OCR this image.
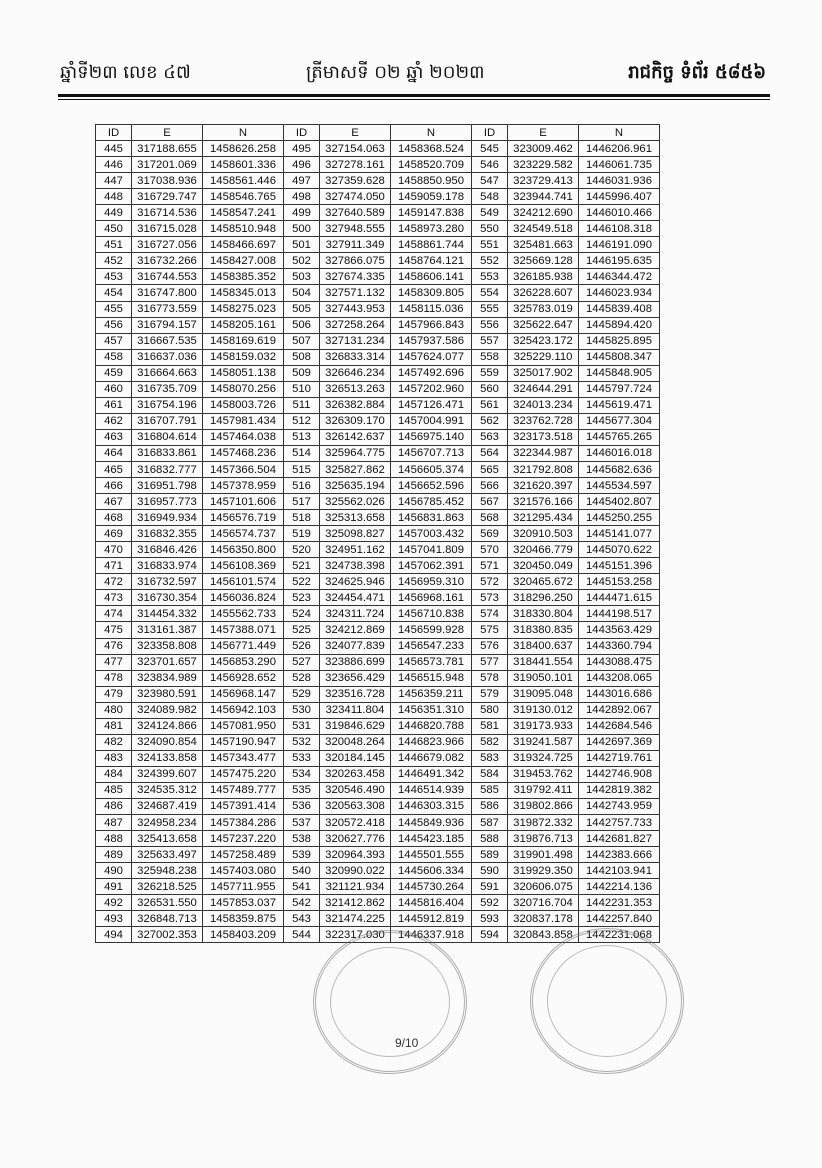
ឆ្នាំទី២៣ លេខ ៤៧	ត្រីមាសទី ០២ ឆ្នាំ ២០២៣	រាជកិច្ច ទំព័រ ៥៨៥៦
ID	E	N	ID	E	N	ID	E	N
445	317188.655	1458626.258	495	327154.063	1458368.524	545	323009.462	1446206.961
446	317201.069	1458601.336	496	327278.161	1458520.709	546	323229.582	1446061.735
447	317038.936	1458561.446	497	327359.628	1458850.950	547	323729.413	1446031.936
448	316729.747	1458546.765	498	327474.050	1459059.178	548	323944.741	1445996.407
449	316714.536	1458547.241	499	327640.589	1459147.838	549	324212.690	1446010.466
450	316715.028	1458510.948	500	327948.555	1458973.280	550	324549.518	1446108.318
451	316727.056	1458466.697	501	327911.349	1458861.744	551	325481.663	1446191.090
452	316732.266	1458427.008	502	327866.075	1458764.121	552	325669.128	1446195.635
453	316744.553	1458385.352	503	327674.335	1458606.141	553	326185.938	1446344.472
454	316747.800	1458345.013	504	327571.132	1458309.805	554	326228.607	1446023.934
455	316773.559	1458275.023	505	327443.953	1458115.036	555	325783.019	1445839.408
456	316794.157	1458205.161	506	327258.264	1457966.843	556	325622.647	1445894.420
457	316667.535	1458169.619	507	327131.234	1457937.586	557	325423.172	1445825.895
458	316637.036	1458159.032	508	326833.314	1457624.077	558	325229.110	1445808.347
459	316664.663	1458051.138	509	326646.234	1457492.696	559	325017.902	1445848.905
460	316735.709	1458070.256	510	326513.263	1457202.960	560	324644.291	1445797.724
461	316754.196	1458003.726	511	326382.884	1457126.471	561	324013.234	1445619.471
462	316707.791	1457981.434	512	326309.170	1457004.991	562	323762.728	1445677.304
463	316804.614	1457464.038	513	326142.637	1456975.140	563	323173.518	1445765.265
464	316833.861	1457468.236	514	325964.775	1456707.713	564	322344.987	1446016.018
465	316832.777	1457366.504	515	325827.862	1456605.374	565	321792.808	1445682.636
466	316951.798	1457378.959	516	325635.194	1456652.596	566	321620.397	1445534.597
467	316957.773	1457101.606	517	325562.026	1456785.452	567	321576.166	1445402.807
468	316949.934	1456576.719	518	325313.658	1456831.863	568	321295.434	1445250.255
469	316832.355	1456574.737	519	325098.827	1457003.432	569	320910.503	1445141.077
470	316846.426	1456350.800	520	324951.162	1457041.809	570	320466.779	1445070.622
471	316833.974	1456108.369	521	324738.398	1457062.391	571	320450.049	1445151.396
472	316732.597	1456101.574	522	324625.946	1456959.310	572	320465.672	1445153.258
473	316730.354	1456036.824	523	324454.471	1456968.161	573	318296.250	1444471.615
474	314454.332	1455562.733	524	324311.724	1456710.838	574	318330.804	1444198.517
475	313161.387	1457388.071	525	324212.869	1456599.928	575	318380.835	1443563.429
476	323358.808	1456771.449	526	324077.839	1456547.233	576	318400.637	1443360.794
477	323701.657	1456853.290	527	323886.699	1456573.781	577	318441.554	1443088.475
478	323834.989	1456928.652	528	323656.429	1456515.948	578	319050.101	1443208.065
479	323980.591	1456968.147	529	323516.728	1456359.211	579	319095.048	1443016.686
480	324089.982	1456942.103	530	323411.804	1456351.310	580	319130.012	1442892.067
481	324124.866	1457081.950	531	319846.629	1446820.788	581	319173.933	1442684.546
482	324090.854	1457190.947	532	320048.264	1446823.966	582	319241.587	1442697.369
483	324133.858	1457343.477	533	320184.145	1446679.082	583	319324.725	1442719.761
484	324399.607	1457475.220	534	320263.458	1446491.342	584	319453.762	1442746.908
485	324535.312	1457489.777	535	320546.490	1446514.939	585	319792.411	1442819.382
486	324687.419	1457391.414	536	320563.308	1446303.315	586	319802.866	1442743.959
487	324958.234	1457384.286	537	320572.418	1445849.936	587	319872.332	1442757.733
488	325413.658	1457237.220	538	320627.776	1445423.185	588	319876.713	1442681.827
489	325633.497	1457258.489	539	320964.393	1445501.555	589	319901.498	1442383.666
490	325948.238	1457403.080	540	320990.022	1445606.334	590	319929.350	1442103.941
491	326218.525	1457711.955	541	321121.934	1445730.264	591	320606.075	1442214.136
492	326531.550	1457853.037	542	321412.862	1445816.404	592	320716.704	1442231.353
493	326848.713	1458359.875	543	321474.225	1445912.819	593	320837.178	1442257.840
494	327002.353	1458403.209	544	322317.030	1446337.918	594	320843.858	1442231.068
9/10
